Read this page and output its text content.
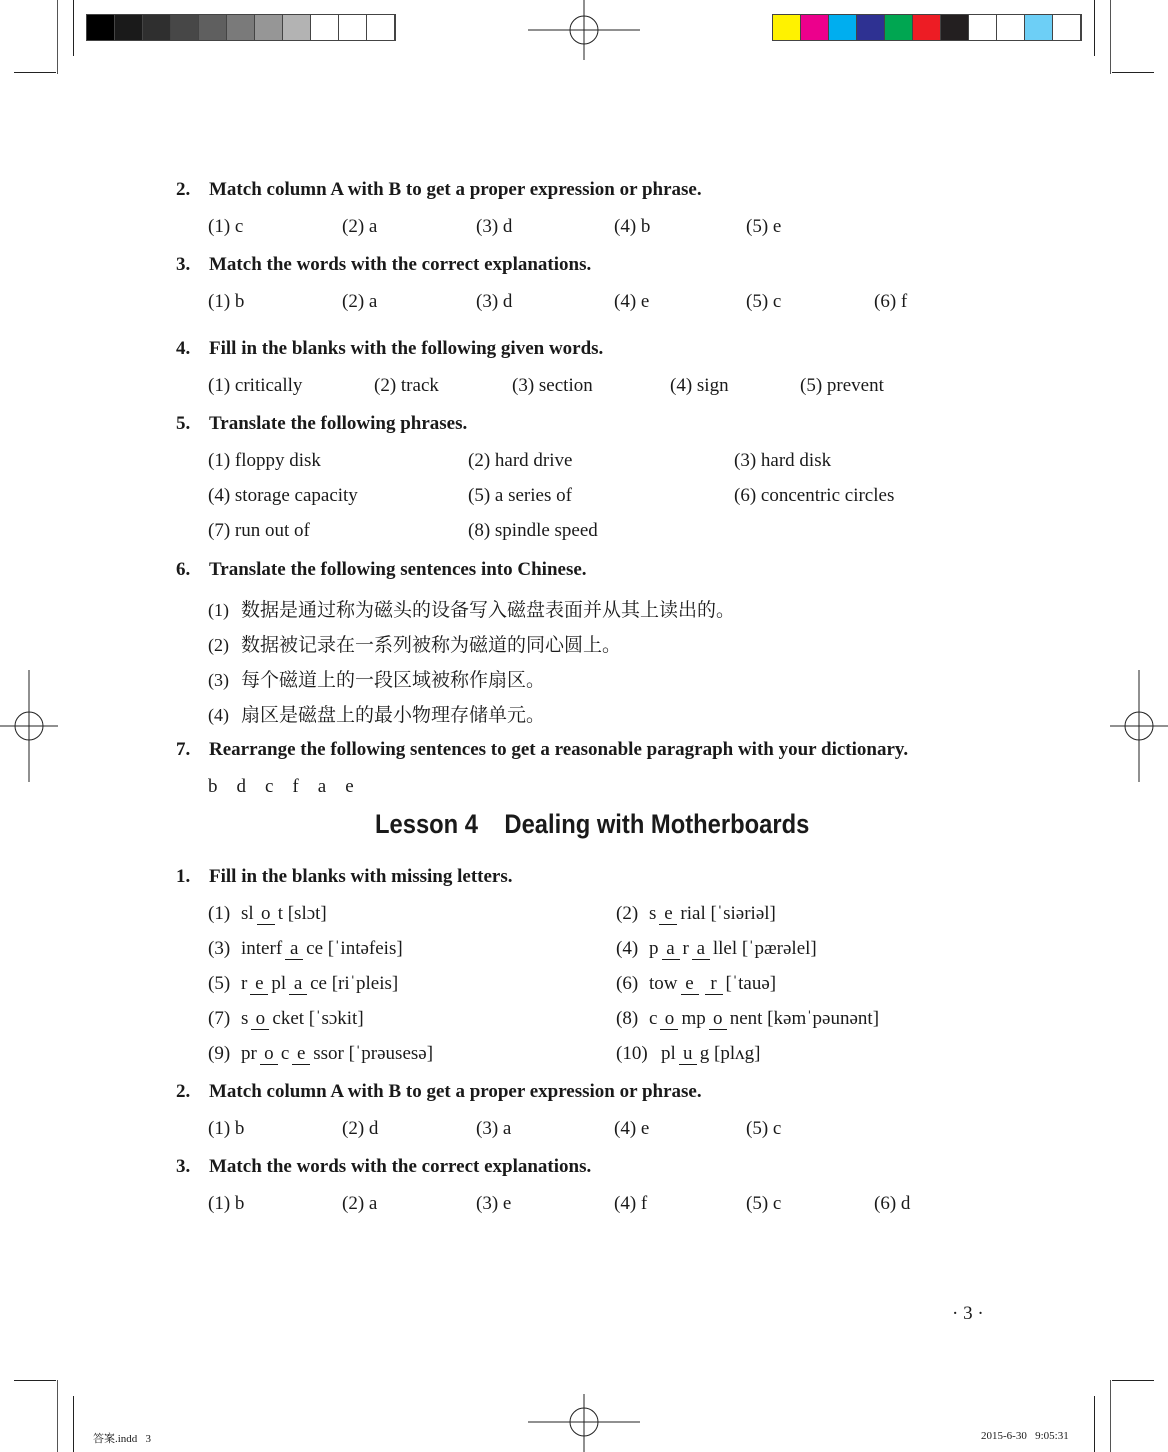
2. Match column A with B to get a proper expression or phrase.
(1) c	(2) a	(3) d	(4) b	(5) e
3. Match the words with the correct explanations.
(1) b	(2) a	(3) d	(4) e	(5) c	(6) f
4. Fill in the blanks with the following given words.
(1) critically	(2) track	(3) section	(4) sign	(5) prevent
5. Translate the following phrases.
(1) floppy disk	(2) hard drive	(3) hard disk
(4) storage capacity	(5) a series of	(6) concentric circles
(7) run out of	(8) spindle speed
6. Translate the following sentences into Chinese.
(1) 数据是通过称为磁头的设备写入磁盘表面并从其上读出的。
(2) 数据被记录在一系列被称为磁道的同心圆上。
(3) 每个磁道上的一段区域被称作扇区。
(4) 扇区是磁盘上的最小物理存储单元。
7. Rearrange the following sentences to get a reasonable paragraph with your dictionary.
b    d    c    f    a    e
Lesson 4    Dealing with Motherboards
1. Fill in the blanks with missing letters.
(1) sl o t [slɔt]	(2) s e rial [ˈsiəriəl]
(3) interf a ce [ˈintəfeis]	(4) p a r a llel [ˈpærəlel]
(5) r e pl a ce [riˈpleis]	(6) tow e r [ˈtauə]
(7) s o cket [ˈsɔkit]	(8) c o mp o nent [kəmˈpəunənt]
(9) pr o c e ssor [ˈprəusesə]	(10) pl u g [plʌg]
2. Match column A with B to get a proper expression or phrase.
(1) b	(2) d	(3) a	(4) e	(5) c
3. Match the words with the correct explanations.
(1) b	(2) a	(3) e	(4) f	(5) c	(6) d
· 3 ·
答案.indd   3	2015-6-30   9:05:31
